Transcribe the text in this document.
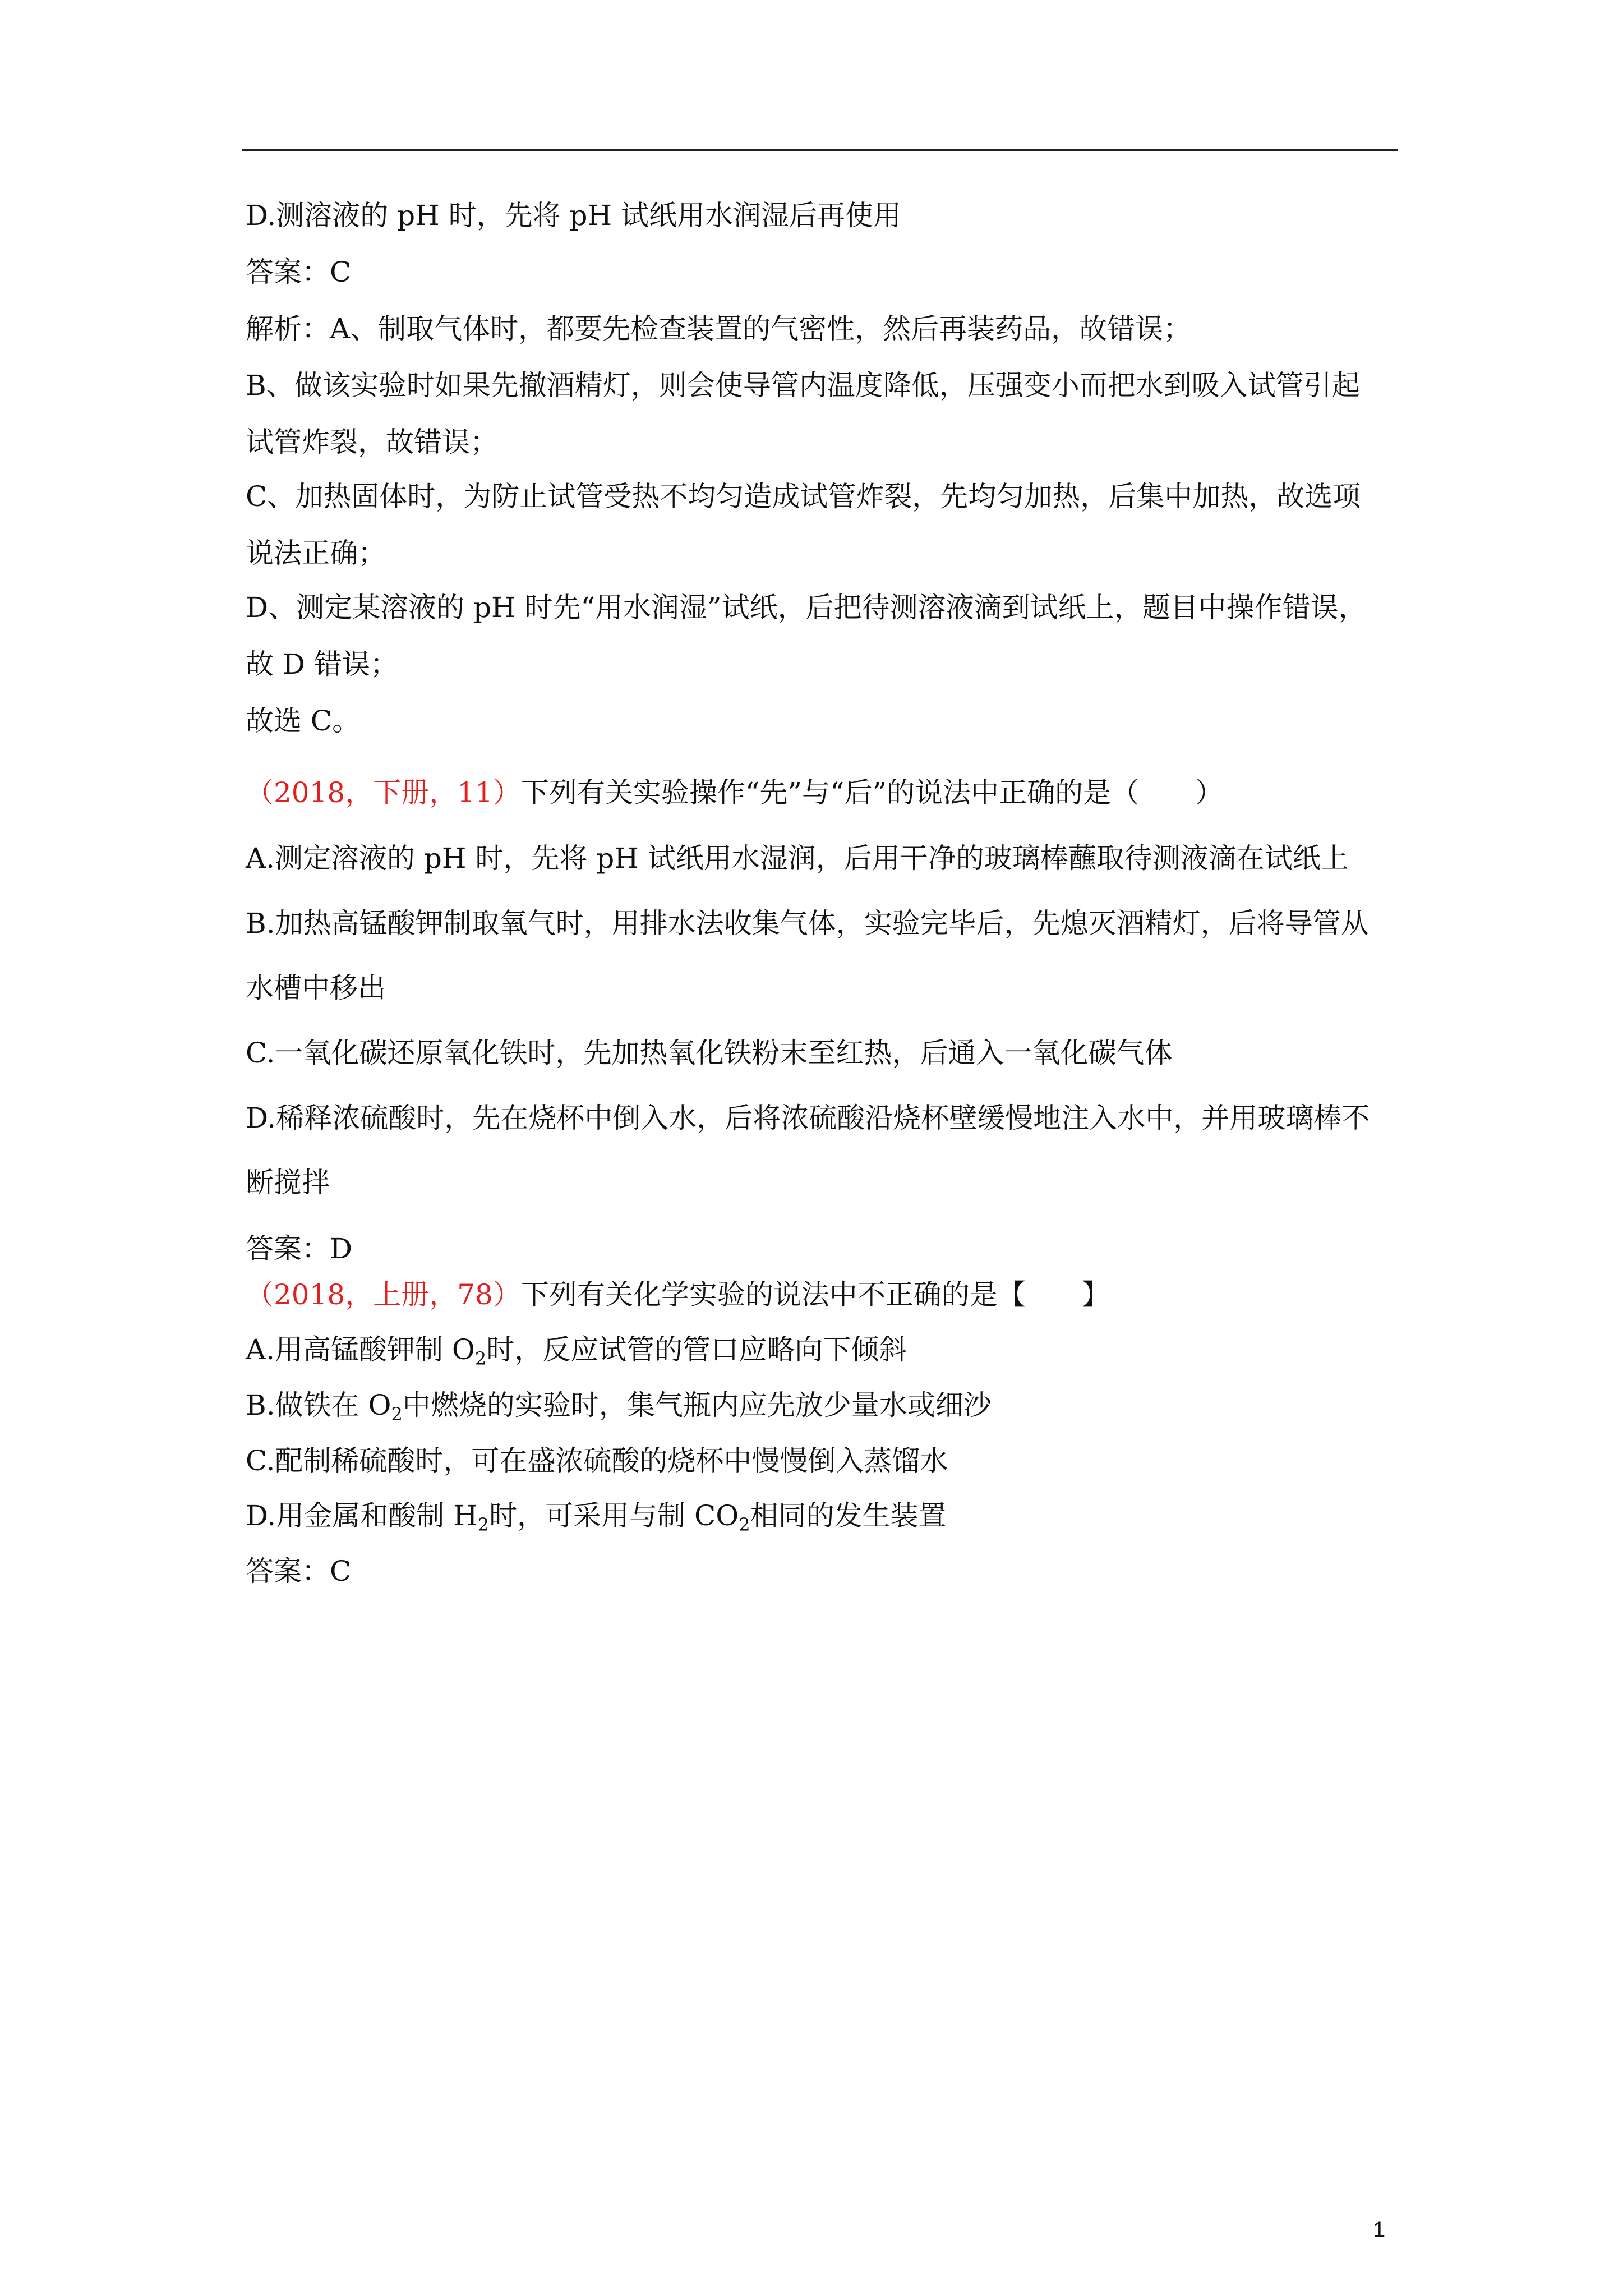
D.测溶液的 pH 时，先将 pH 试纸用水润湿后再使用
答案：C
解析：A、制取气体时，都要先检查装置的气密性，然后再装药品，故错误；
B、做该实验时如果先撤酒精灯，则会使导管内温度降低，压强变小而把水到吸入试管引起
试管炸裂，故错误；
C、加热固体时，为防止试管受热不均匀造成试管炸裂，先均匀加热，后集中加热，故选项
说法正确；
D、测定某溶液的 pH 时先“用水润湿”试纸，后把待测溶液滴到试纸上，题目中操作错误，
故 D 错误；
故选 C。
（2018，下册，11）下列有关实验操作“先”与“后”的说法中正确的是（　　）
A.测定溶液的 pH 时，先将 pH 试纸用水湿润，后用干净的玻璃棒蘸取待测液滴在试纸上
B.加热高锰酸钾制取氧气时，用排水法收集气体，实验完毕后，先熄灭酒精灯，后将导管从
水槽中移出
C.一氧化碳还原氧化铁时，先加热氧化铁粉末至红热，后通入一氧化碳气体
D.稀释浓硫酸时，先在烧杯中倒入水，后将浓硫酸沿烧杯壁缓慢地注入水中，并用玻璃棒不
断搅拌
答案：D
（2018，上册，78）下列有关化学实验的说法中不正确的是【　　】
A.用高锰酸钾制 $O_2$时，反应试管的管口应略向下倾斜
B.做铁在 $O_2$中燃烧的实验时，集气瓶内应先放少量水或细沙
C.配制稀硫酸时，可在盛浓硫酸的烧杯中慢慢倒入蒸馏水
D.用金属和酸制 $H_2$时，可采用与制 $CO_2$相同的发生装置
答案：C
1
